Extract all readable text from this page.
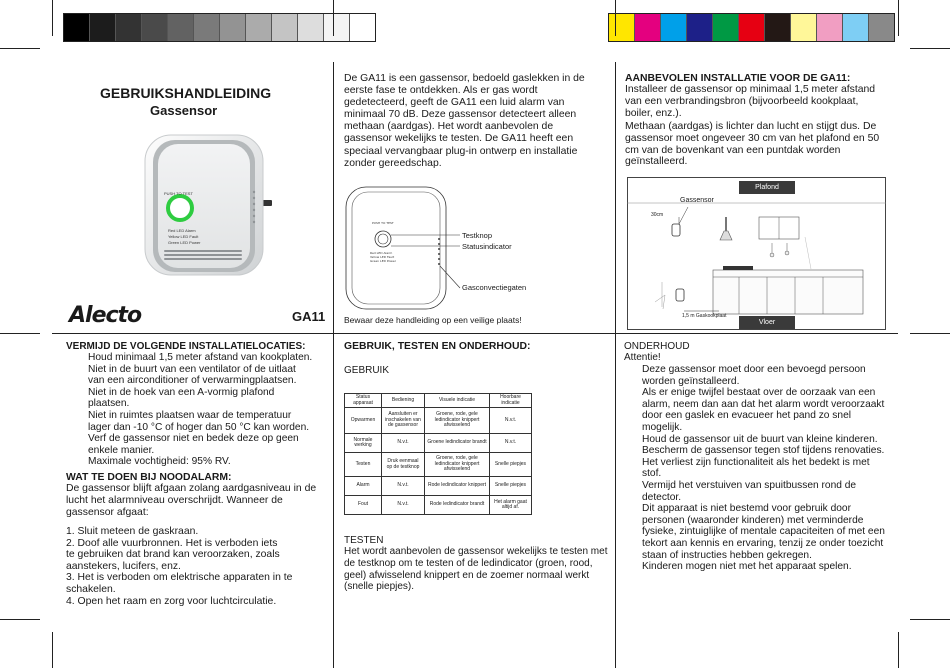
GEBRUIKSHANDLEIDING
Gassensor
PUSH TO TEST
Red LED Alarm
Yellow LED Fault
Green LED Power
Alecto	GA11

De GA11 is een gassensor, bedoeld gaslekken in de eerste fase te ontdekken. Als er gas wordt gedetecteerd, geeft de GA11 een luid alarm van minimaal 70 dB. Deze gassensor detecteert alleen methaan (aardgas). Het wordt aanbevolen de gassensor wekelijks te testen. De GA11 heeft een speciaal vervangbaar plug-in ontwerp en installatie zonder gereedschap.

PUSH TO TEST
Red LED Alarm
Yellow LED Fault
Green LED Power
Testknop
Statusindicator
Gasconvectiegaten
Bewaar deze handleiding op een veilige plaats!
AANBEVOLEN INSTALLATIE VOOR DE GA11:

Installeer de gassensor op minimaal 1,5 meter afstand van een verbrandingsbron (bijvoorbeeld kookplaat, boiler, enz.).

Methaan (aardgas) is lichter dan lucht en stijgt dus. De gassensor moet ongeveer 30 cm van het plafond en 50 cm van de bovenkant van een puntdak worden geïnstalleerd.

Plafond
Gassensor
30cm
1,5 m Gaskookplaat
Vloer
VERMIJD DE VOLGENDE INSTALLATIELOCATIES:
Houd minimaal 1,5 meter afstand van kookplaten.
Niet in de buurt van een ventilator of de uitlaat
van een airconditioner of verwarmingplaatsen.
Niet in de hoek van een A-vormig plafond
plaatsen.
Niet in ruimtes plaatsen waar de temperatuur
lager dan -10 °C of hoger dan 50 °C kan worden.
Verf de gassensor niet en bedek deze op geen
enkele manier.
Maximale vochtigheid: 95% RV.
WAT TE DOEN BIJ NOODALARM:

De gassensor blijft afgaan zolang aardgasniveau in de lucht het alarmniveau overschrijdt. Wanneer de gassensor afgaat:

1. Sluit meteen de gaskraan.
2. Doof alle vuurbronnen. Het is verboden iets
te gebruiken dat brand kan veroorzaken, zoals
aanstekers, lucifers, enz.
3. Het is verboden om elektrische apparaten in te
schakelen.
4. Open het raam en zorg voor luchtcirculatie.
GEBRUIK, TESTEN EN ONDERHOUD:
GEBRUIK
Status apparaat	Bediening	Visuele indicatie	Hoorbare indicatie
Opwarmen	Aansluiten er inschakelen van de gassensor	Groene, rode, gele ledindicator knippert afwisselend	N.v.t.
Normale werking	N.v.t.	Groene ledindicator brandt	N.v.t.
Testen	Druk eenmaal op de testknop	Groene, rode, gele ledindicator knippert afwisselend	Snelle piepjes
Alarm	N.v.t.	Rode ledindicator knippert	Snelle piepjes
Fout	N.v.t.	Rode ledindicator brandt	Het alarm gaat altijd af.
TESTEN

Het wordt aanbevolen de gassensor wekelijks te testen met de testknop om te testen of de ledindicator (groen, rood, geel) afwisselend knippert en de zoemer normaal werkt (snelle piepjes).

ONDERHOUD
Attentie!
Deze gassensor moet door een bevoegd persoon
worden geïnstalleerd.
Als er enige twijfel bestaat over de oorzaak van een
alarm, neem dan aan dat het alarm wordt veroorzaakt
door een gaslek en evacueer het pand zo snel
mogelijk.
Houd de gassensor uit de buurt van kleine kinderen.
Bescherm de gassensor tegen stof tijdens renovaties.
Het verliest zijn functionaliteit als het bedekt is met
stof.
Vermijd het verstuiven van spuitbussen rond de
detector.
Dit apparaat is niet bestemd voor gebruik door
personen (waaronder kinderen) met verminderde
fysieke, zintuiglijke of mentale capaciteiten of met een
tekort aan kennis en ervaring, tenzij ze onder toezicht
staan of instructies hebben gekregen.
Kinderen mogen niet met het apparaat spelen.
